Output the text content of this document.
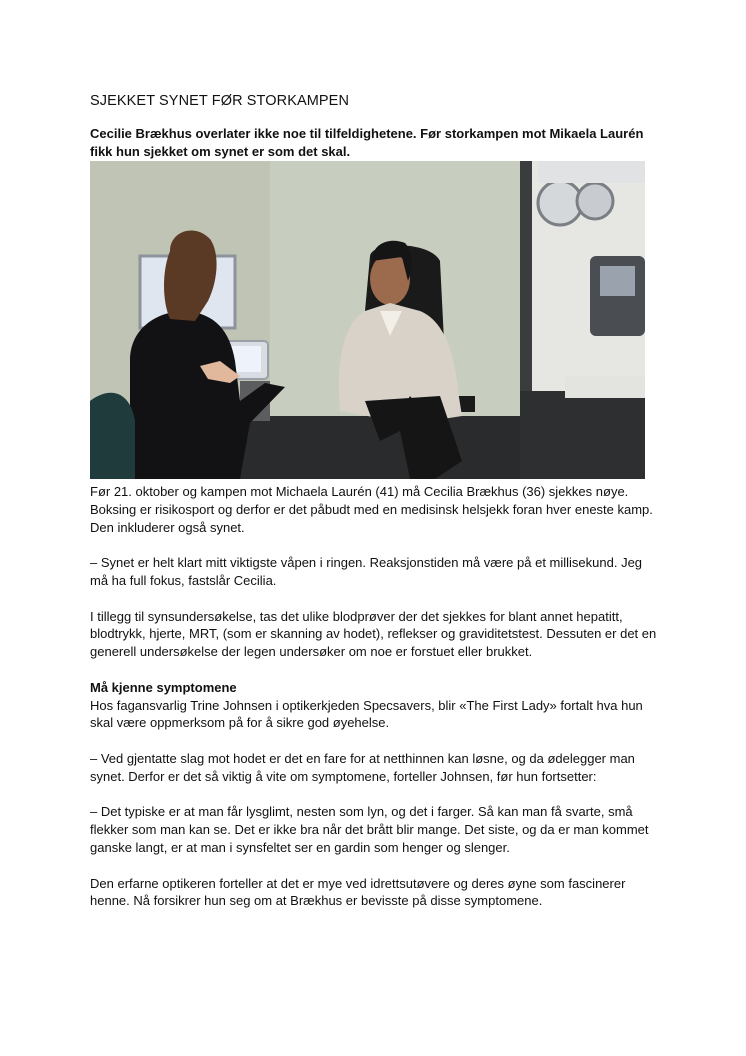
SJEKKET SYNET FØR STORKAMPEN
Cecilie Brækhus overlater ikke noe til tilfeldighetene. Før storkampen mot Mikaela Laurén fikk hun sjekket om synet er som det skal.

Før 21. oktober og kampen mot Michaela Laurén (41) må Cecilia Brækhus (36) sjekkes nøye. Boksing er risikosport og derfor er det påbudt med en medisinsk helsjekk foran hver eneste kamp. Den inkluderer også synet.

– Synet er helt klart mitt viktigste våpen i ringen. Reaksjonstiden må være på et millisekund. Jeg må ha full fokus, fastslår Cecilia.

I tillegg til synsundersøkelse, tas det ulike blodprøver der det sjekkes for blant annet hepatitt, blodtrykk, hjerte, MRT, (som er skanning av hodet), reflekser og graviditetstest. Dessuten er det en generell undersøkelse der legen undersøker om noe er forstuet eller brukket.

Må kjenne symptomene
Hos fagansvarlig Trine Johnsen i optikerkjeden Specsavers, blir «The First Lady» fortalt hva hun skal være oppmerksom på for å sikre god øyehelse.

– Ved gjentatte slag mot hodet er det en fare for at netthinnen kan løsne, og da ødelegger man synet. Derfor er det så viktig å vite om symptomene, forteller Johnsen, før hun fortsetter:

– Det typiske er at man får lysglimt, nesten som lyn, og det i farger. Så kan man få svarte, små flekker som man kan se. Det er ikke bra når det brått blir mange. Det siste, og da er man kommet ganske langt, er at man i synsfeltet ser en gardin som henger og slenger.

Den erfarne optikeren forteller at det er mye ved idrettsutøvere og deres øyne som fascinerer henne. Nå forsikrer hun seg om at Brækhus er bevisste på disse symptomene.
